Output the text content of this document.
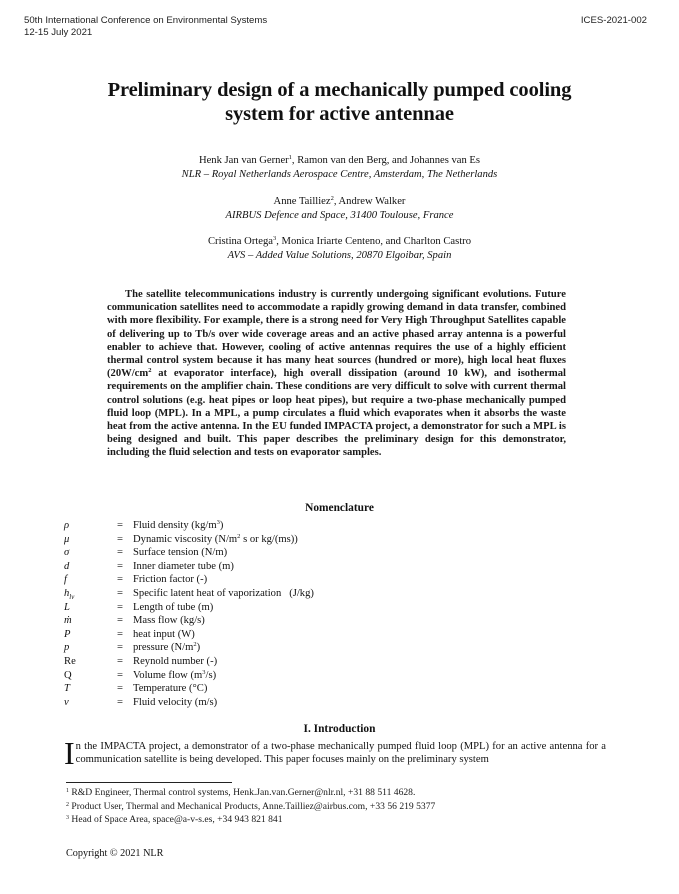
50th International Conference on Environmental Systems
12-15 July 2021
ICES-2021-002
Preliminary design of a mechanically pumped cooling
system for active antennae
Henk Jan van Gerner$^1$, Ramon van den Berg, and Johannes van Es
NLR – Royal Netherlands Aerospace Centre, Amsterdam, The Netherlands
Anne Tailliez$^2$, Andrew Walker
AIRBUS Defence and Space, 31400 Toulouse, France
Cristina Ortega$^3$, Monica Iriarte Centeno, and Charlton Castro
AVS – Added Value Solutions, 20870 Elgoibar, Spain
The satellite telecommunications industry is currently undergoing significant evolutions. Future communication satellites need to accommodate a rapidly growing demand in data transfer, combined with more flexibility. For example, there is a strong need for Very High Throughput Satellites capable of delivering up to Tb/s over wide coverage areas and an active phased array antenna is a powerful enabler to achieve that. However, cooling of active antennas requires the use of a highly efficient thermal control system because it has many heat sources (hundred or more), high local heat fluxes ($20W/cm^2$ at evaporator interface), high overall dissipation (around 10 kW), and isothermal requirements on the amplifier chain. These conditions are very difficult to solve with current thermal control solutions (e.g. heat pipes or loop heat pipes), but require a two-phase mechanically pumped fluid loop (MPL). In a MPL, a pump circulates a fluid which evaporates when it absorbs the waste heat from the active antenna. In the EU funded IMPACTA project, a demonstrator for such a MPL is being designed and built. This paper describes the preliminary design for this demonstrator, including the fluid selection and tests on evaporator samples.
Nomenclature
ρ	= Fluid density $(kg/m^3)$
μ	= Dynamic viscosity ($N/m^2$ s or kg/(ms))
σ	= Surface tension (N/m)
d	= Inner diameter tube (m)
f	= Friction factor (-)
$h_{lv}$	= Specific latent heat of vaporization   (J/kg)
L	= Length of tube (m)
ṁ	= Mass flow (kg/s)
P	= heat input (W)
p	= pressure $(N/m^2)$
Re	= Reynold number (-)
Q	= Volume flow $(m^3/s)$
T	= Temperature (°C)
v	= Fluid velocity (m/s)
I. Introduction
In the IMPACTA project, a demonstrator of a two-phase mechanically pumped fluid loop (MPL) for an active antenna for a communication satellite is being developed. This paper focuses mainly on the preliminary system
$^1$ R&D Engineer, Thermal control systems, Henk.Jan.van.Gerner@nlr.nl, +31 88 511 4628.
$^2$ Product User, Thermal and Mechanical Products, Anne.Tailliez@airbus.com, +33 56 219 5377
$^3$ Head of Space Area, space@a-v-s.es, +34 943 821 841
Copyright © 2021 NLR
